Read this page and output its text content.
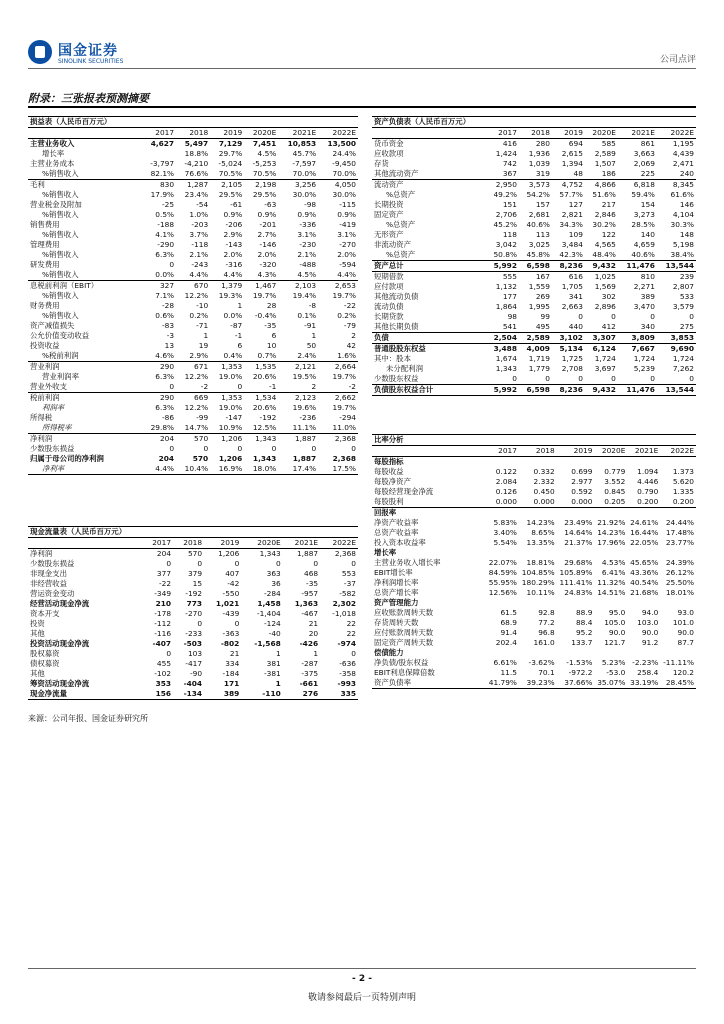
国金证券
SINOLINK SECURITIES	公司点评
附录：三张报表预测摘要
损益表（人民币百万元）						
	2017	2018	2019	2020E	2021E	2022E
主营业务收入	4,627	5,497	7,129	7,451	10,853	13,500
增长率		18.8%	29.7%	4.5%	45.7%	24.4%
主营业务成本	-3,797	-4,210	-5,024	-5,253	-7,597	-9,450
%销售收入	82.1%	76.6%	70.5%	70.5%	70.0%	70.0%
毛利	830	1,287	2,105	2,198	3,256	4,050
%销售收入	17.9%	23.4%	29.5%	29.5%	30.0%	30.0%
营业税金及附加	-25	-54	-61	-63	-98	-115
%销售收入	0.5%	1.0%	0.9%	0.9%	0.9%	0.9%
销售费用	-188	-203	-206	-201	-336	-419
%销售收入	4.1%	3.7%	2.9%	2.7%	3.1%	3.1%
管理费用	-290	-118	-143	-146	-230	-270
%销售收入	6.3%	2.1%	2.0%	2.0%	2.1%	2.0%
研发费用	0	-243	-316	-320	-488	-594
%销售收入	0.0%	4.4%	4.4%	4.3%	4.5%	4.4%
息税前利润（EBIT）	327	670	1,379	1,467	2,103	2,653
%销售收入	7.1%	12.2%	19.3%	19.7%	19.4%	19.7%
财务费用	-28	-10	1	28	-8	-22
%销售收入	0.6%	0.2%	0.0%	-0.4%	0.1%	0.2%
资产减值损失	-83	-71	-87	-35	-91	-79
公允价值变动收益	-3	1	-1	6	1	2
投资收益	13	19	6	10	50	42
%税前利润	4.6%	2.9%	0.4%	0.7%	2.4%	1.6%
营业利润	290	671	1,353	1,535	2,121	2,664
营业利润率	6.3%	12.2%	19.0%	20.6%	19.5%	19.7%
营业外收支	0	-2	0	-1	2	-2
税前利润	290	669	1,353	1,534	2,123	2,662
利润率	6.3%	12.2%	19.0%	20.6%	19.6%	19.7%
所得税	-86	-99	-147	-192	-236	-294
所得税率	29.8%	14.7%	10.9%	12.5%	11.1%	11.0%
净利润	204	570	1,206	1,343	1,887	2,368
少数股东损益	0	0	0	0	0	0
归属于母公司的净利润	204	570	1,206	1,343	1,887	2,368
净利率	4.4%	10.4%	16.9%	18.0%	17.4%	17.5%
资产负债表（人民币百万元）						
	2017	2018	2019	2020E	2021E	2022E
货币资金	416	280	694	585	861	1,195
应收款项	1,424	1,936	2,615	2,589	3,663	4,439
存货	742	1,039	1,394	1,507	2,069	2,471
其他流动资产	367	319	48	186	225	240
流动资产	2,950	3,573	4,752	4,866	6,818	8,345
%总资产	49.2%	54.2%	57.7%	51.6%	59.4%	61.6%
长期投资	151	157	127	217	154	146
固定资产	2,706	2,681	2,821	2,846	3,273	4,104
%总资产	45.2%	40.6%	34.3%	30.2%	28.5%	30.3%
无形资产	118	113	109	122	140	148
非流动资产	3,042	3,025	3,484	4,565	4,659	5,198
%总资产	50.8%	45.8%	42.3%	48.4%	40.6%	38.4%
资产总计	5,992	6,598	8,236	9,432	11,476	13,544
短期借款	555	167	616	1,025	810	239
应付款项	1,132	1,559	1,705	1,569	2,271	2,807
其他流动负债	177	269	341	302	389	533
流动负债	1,864	1,995	2,663	2,896	3,470	3,579
长期贷款	98	99	0	0	0	0
其他长期负债	541	495	440	412	340	275
负债	2,504	2,589	3,102	3,307	3,809	3,853
普通股股东权益	3,488	4,009	5,134	6,124	7,667	9,690
其中：股本	1,674	1,719	1,725	1,724	1,724	1,724
未分配利润	1,343	1,779	2,708	3,697	5,239	7,262
少数股东权益	0	0	0	0	0	0
负债股东权益合计	5,992	6,598	8,236	9,432	11,476	13,544
比率分析						
	2017	2018	2019	2020E	2021E	2022E
每股指标						
每股收益	0.122	0.332	0.699	0.779	1.094	1.373
每股净资产	2.084	2.332	2.977	3.552	4.446	5.620
每股经营现金净流	0.126	0.450	0.592	0.845	0.790	1.335
每股股利	0.000	0.000	0.000	0.205	0.200	0.200
回报率						
净资产收益率	5.83%	14.23%	23.49%	21.92%	24.61%	24.44%
总资产收益率	3.40%	8.65%	14.64%	14.23%	16.44%	17.48%
投入资本收益率	5.54%	13.35%	21.37%	17.96%	22.05%	23.77%
增长率						
主营业务收入增长率	22.07%	18.81%	29.68%	4.53%	45.65%	24.39%
EBIT增长率	84.59%	104.85%	105.89%	6.41%	43.36%	26.12%
净利润增长率	55.95%	180.29%	111.41%	11.32%	40.54%	25.50%
总资产增长率	12.56%	10.11%	24.83%	14.51%	21.68%	18.01%
资产管理能力						
应收账款周转天数	61.5	92.8	88.9	95.0	94.0	93.0
存货周转天数	68.9	77.2	88.4	105.0	103.0	101.0
应付账款周转天数	91.4	96.8	95.2	90.0	90.0	90.0
固定资产周转天数	202.4	161.0	133.7	121.7	91.2	87.7
偿债能力						
净负债/股东权益	6.61%	-3.62%	-1.53%	5.23%	-2.23%	-11.11%
EBIT利息保障倍数	11.5	70.1	-972.2	-53.0	258.4	120.2
资产负债率	41.79%	39.23%	37.66%	35.07%	33.19%	28.45%
现金流量表（人民币百万元）						
	2017	2018	2019	2020E	2021E	2022E
净利润	204	570	1,206	1,343	1,887	2,368
少数股东损益	0	0	0	0	0	0
非现金支出	377	379	407	363	468	553
非经营收益	-22	15	-42	36	-35	-37
营运资金变动	-349	-192	-550	-284	-957	-582
经营活动现金净流	210	773	1,021	1,458	1,363	2,302
资本开支	-178	-270	-439	-1,404	-467	-1,018
投资	-112	0	0	-124	21	22
其他	-116	-233	-363	-40	20	22
投资活动现金净流	-407	-503	-802	-1,568	-426	-974
股权募资	0	103	21	1	1	0
债权募资	455	-417	334	381	-287	-636
其他	-102	-90	-184	-381	-375	-358
筹资活动现金净流	353	-404	171	1	-661	-993
现金净流量	156	-134	389	-110	276	335
来源：公司年报、国金证券研究所
- 2 -
敬请参阅最后一页特别声明
